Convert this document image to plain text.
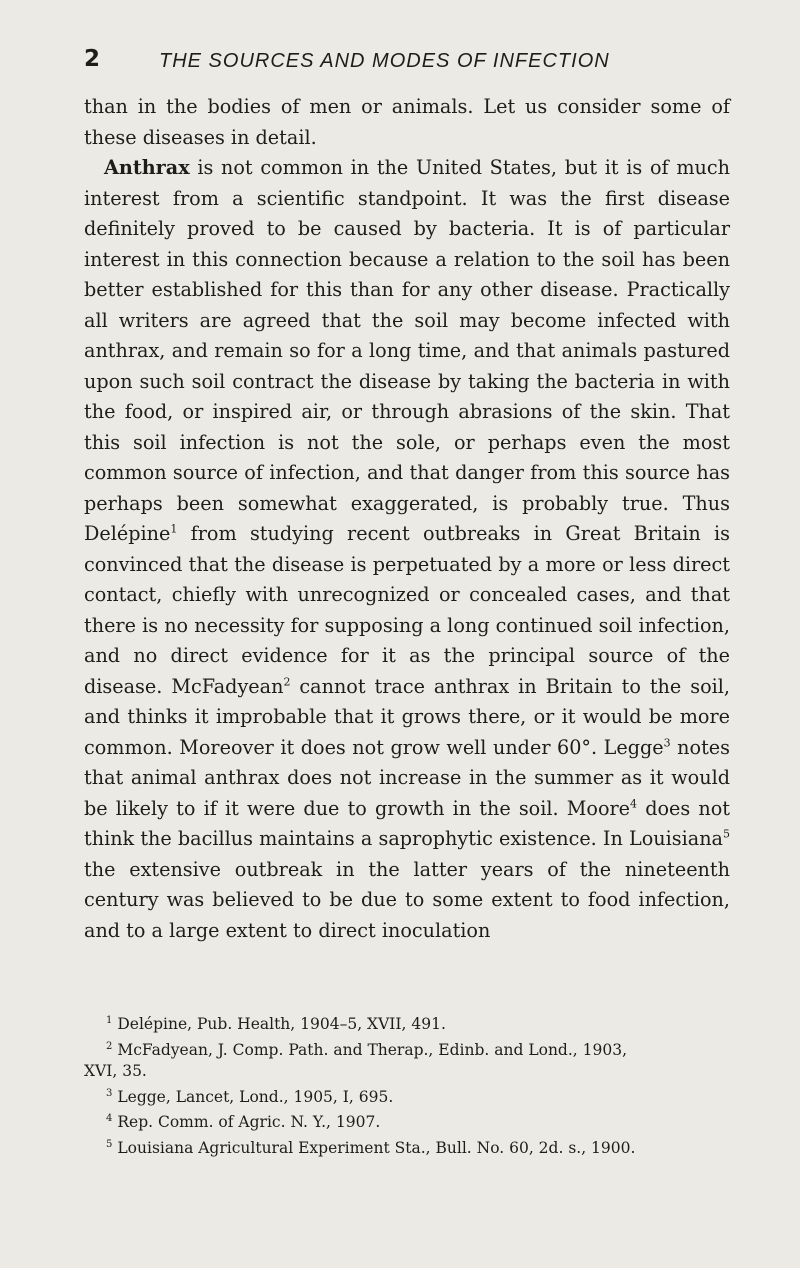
2	THE SOURCES AND MODES OF INFECTION

than in the bodies of men or animals. Let us consider some of these diseases in detail.

Anthrax is not common in the United States, but it is of much interest from a scientific standpoint. It was the first disease definitely proved to be caused by bacteria. It is of particular interest in this connection because a relation to the soil has been better established for this than for any other disease. Practically all writers are agreed that the soil may become infected with anthrax, and remain so for a long time, and that animals pastured upon such soil contract the disease by taking the bacteria in with the food, or inspired air, or through abrasions of the skin. That this soil infection is not the sole, or perhaps even the most common source of infection, and that danger from this source has perhaps been somewhat exaggerated, is probably true. Thus Delépine$^1$ from studying recent outbreaks in Great Britain is convinced that the disease is perpetuated by a more or less direct contact, chiefly with unrecognized or concealed cases, and that there is no necessity for supposing a long continued soil infection, and no direct evidence for it as the principal source of the disease. McFadyean$^2$ cannot trace anthrax in Britain to the soil, and thinks it improbable that it grows there, or it would be more common. Moreover it does not grow well under 60°. Legge$^3$ notes that animal anthrax does not increase in the summer as it would be likely to if it were due to growth in the soil. Moore$^4$ does not think the bacillus maintains a saprophytic existence. In Louisiana$^5$ the extensive outbreak in the latter years of the nineteenth century was believed to be due to some extent to food infection, and to a large extent to direct inoculation

$^1$ Delépine, Pub. Health, 1904–5, XVII, 491.

$^2$ McFadyean, J. Comp. Path. and Therap., Edinb. and Lond., 1903,

XVI, 35.

$^3$ Legge, Lancet, Lond., 1905, I, 695.

$^4$ Rep. Comm. of Agric. N. Y., 1907.

$^5$ Louisiana Agricultural Experiment Sta., Bull. No. 60, 2d. s., 1900.
